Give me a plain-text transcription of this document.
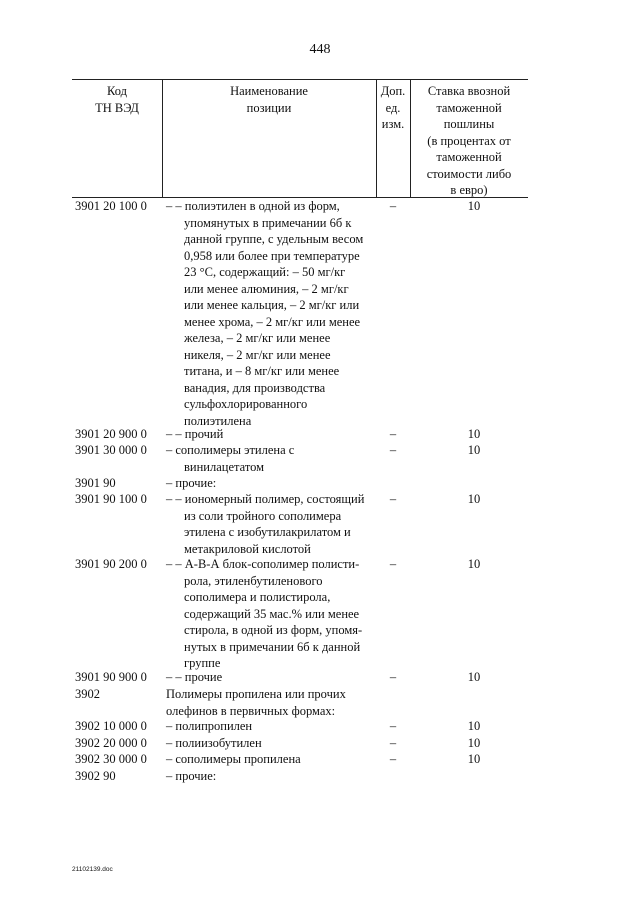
448
Код
ТН ВЭД
Наименование
позиции
Доп.
ед.
изм.
Ставка ввозной
таможенной
пошлины
(в процентах от
таможенной
стоимости либо
в евро)
3901 20 100 0	– – полиэтилен в одной из форм,
упомянутых в примечании 6б к
данной группе, с удельным весом
0,958 или более при температуре
23 °С, содержащий: – 50 мг/кг
или менее алюминия, – 2 мг/кг
или менее кальция, – 2 мг/кг или
менее хрома, – 2 мг/кг или менее
железа, – 2 мг/кг или менее
никеля, – 2 мг/кг или менее
титана, и – 8 мг/кг или менее
ванадия, для производства
сульфохлорированного
полиэтилена
–	10
3901 20 900 0	– – прочий	–	10
3901 30 000 0	– сополимеры этилена с
винилацетатом
–	10
3901 90	– прочие:
3901 90 100 0	– – иономерный полимер, состоящий
из соли тройного сополимера
этилена с изобутилакрилатом и
метакриловой кислотой
–	10
3901 90 200 0	– – А-В-А блок-сополимер полисти-
рола, этиленбутиленового
сополимера и полистирола,
содержащий 35 мас.% или менее
стирола, в одной из форм, упомя-
нутых в примечании 6б к данной
группе
–	10
3901 90 900 0	– – прочие	–	10
3902	Полимеры пропилена или прочих
олефинов в первичных формах:
3902 10 000 0	– полипропилен	–	10
3902 20 000 0	– полиизобутилен	–	10
3902 30 000 0	– сополимеры пропилена	–	10
3902 90	– прочие:
21102139.doc
